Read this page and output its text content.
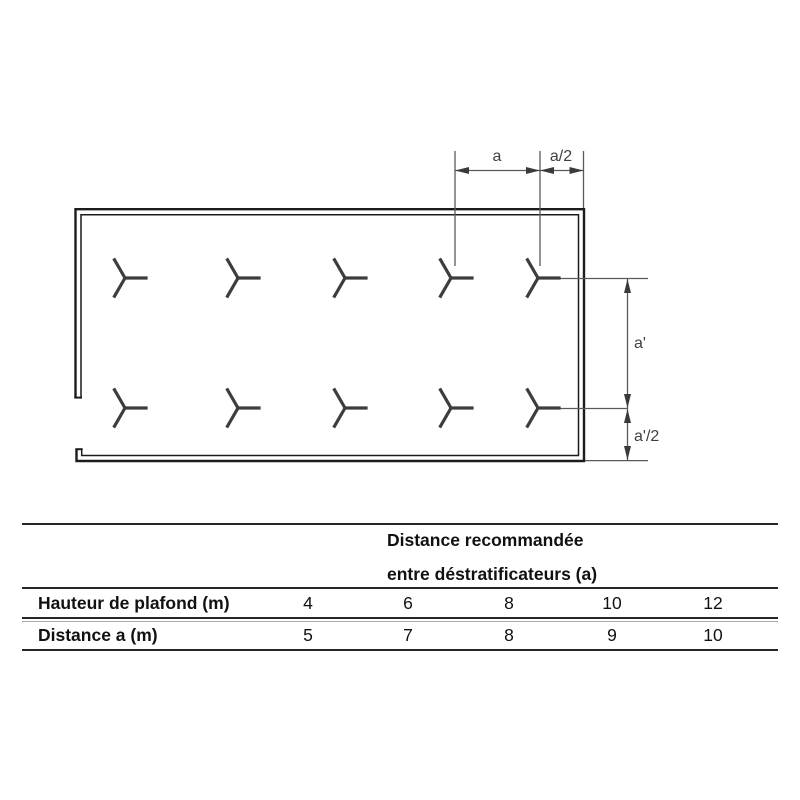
a	a/2
a'
a'/2
Distance recommandée
entre déstratificateurs (a)
Hauteur de plafond (m)	4	6	8	10	12
Distance a (m)	5	7	8	9	10
